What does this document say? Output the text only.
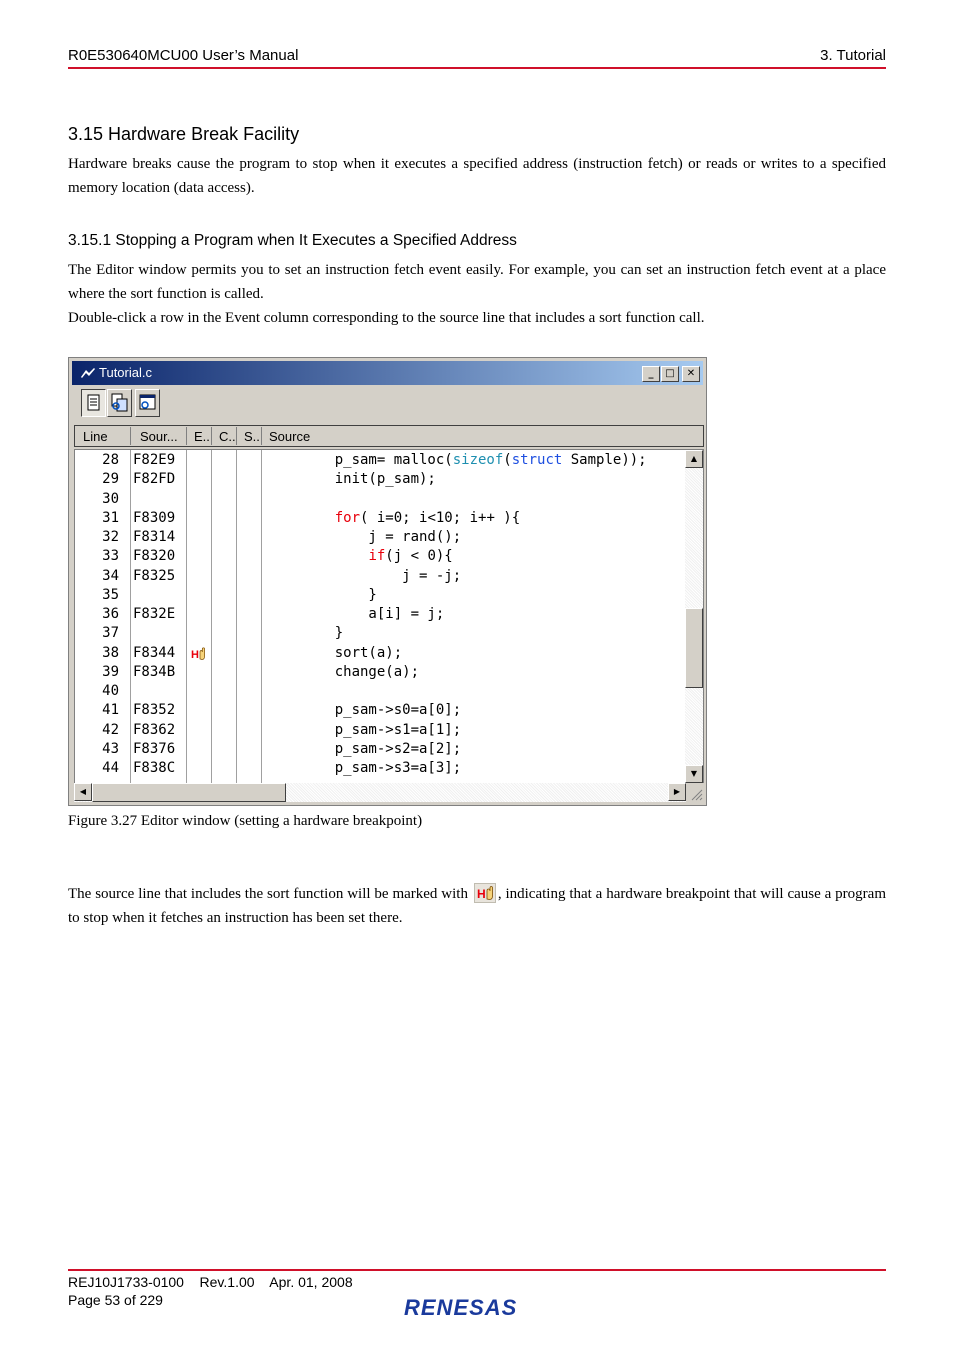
R0E530640MCU00 User’s Manual	3. Tutorial
3.15 Hardware Break Facility
Hardware breaks cause the program to stop when it executes a specified address (instruction fetch) or reads or writes to a specified memory location (data access).
3.15.1 Stopping a Program when It Executes a Specified Address
The Editor window permits you to set an instruction fetch event easily. For example, you can set an instruction fetch event at a place where the sort function is called.
Double-click a row in the Event column corresponding to the source line that includes a sort function call.
Tutorial.c	_	□	✕
Line Sour... E.. C.. S.. Source
28 F82E9	p_sam= malloc(sizeof(struct Sample));
29 F82FD	init(p_sam);
30
31 F8309	for( i=0; i<10; i++ ){
32 F8314	j = rand();
33 F8320	if(j < 0){
34 F8325	j = -j;
35	}
36 F832E	a[i] = j;
37	}
38 F8344 H	sort(a);
39 F834B	change(a);
40
41 F8352	p_sam->s0=a[0];
42 F8362	p_sam->s1=a[1];
43 F8376	p_sam->s2=a[2];
44 F838C	p_sam->s3=a[3];
▲
▼
◀	▶
Figure 3.27 Editor window (setting a hardware breakpoint)
The source line that includes the sort function will be marked with H , indicating that a hardware breakpoint that will cause a program to stop when it fetches an instruction has been set there.
REJ10J1733-0100    Rev.1.00    Apr. 01, 2008
Page 53 of 229	RENESAS
